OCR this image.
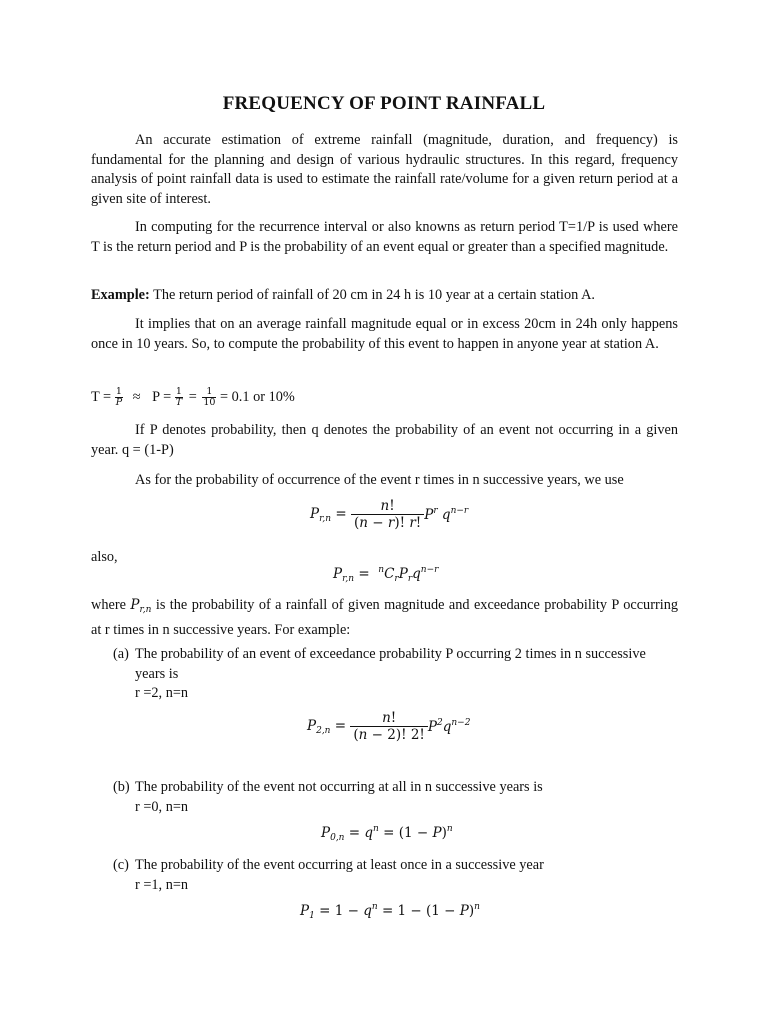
FREQUENCY OF POINT RAINFALL
An accurate estimation of extreme rainfall (magnitude, duration, and frequency) is fundamental for the planning and design of various hydraulic structures. In this regard, frequency analysis of point rainfall data is used to estimate the rainfall rate/volume for a given return period at a given site of interest.
In computing for the recurrence interval or also knowns as return period T=1/P is used where T is the return period and P is the probability of an event equal or greater than a specified magnitude.
Example: The return period of rainfall of 20 cm in 24 h is 10 year at a certain station A.
It implies that on an average rainfall magnitude equal or in excess 20cm in 24h only happens once in 10 years. So, to compute the probability of this event to happen in anyone year at station A.
$T = \frac{1}{P} \approx P = \frac{1}{T} = \frac{1}{10} = 0.1$ or 10%
If P denotes probability, then q denotes the probability of an event not occurring in a given year. q = (1-P)
As for the probability of occurrence of the event r times in n successive years, we use
$P_{r,n} = \frac{n!}{(n - r)! r!} P^r$ $q^{n-r}$
also,
$P_{r,n} = ^nC_rP_rq^{n-r}$
where $P_{r,n}$ is the probability of a rainfall of given magnitude and exceedance probability P occurring at r times in n successive years. For example:
(a) The probability of an event of exceedance probability P occurring 2 times in n successive years is
r =2, n=n
$P_{2,n} = \frac{n!}{(n - 2)! 2!} P^2q^{n-2}$
(b) The probability of the event not occurring at all in n successive years is
r =0, n=n
$P_{0,n} = q^n = (1 - P)^n$
(c) The probability of the event occurring at least once in a successive year
r =1, n=n
$P_1 = 1 - q^n = 1 - (1 - P)^n$
